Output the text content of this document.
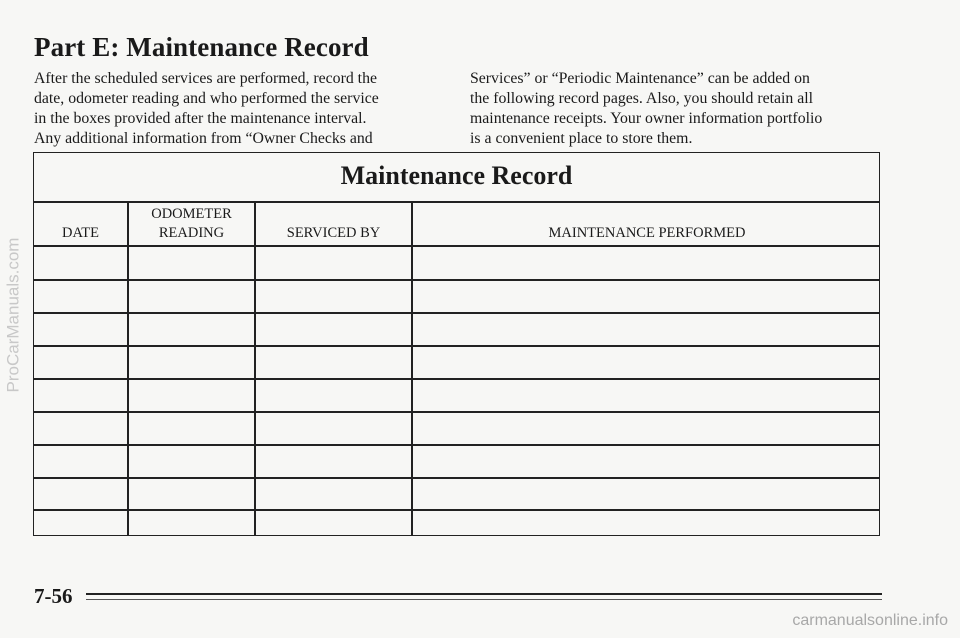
Part E: Maintenance Record

After the scheduled services are performed, record the

date, odometer reading and who performed the service

in the boxes provided after the maintenance interval.

Any additional information from “Owner Checks and

Services” or “Periodic Maintenance” can be added on

the following record pages. Also, you should retain all

maintenance receipts. Your owner information portfolio

is a convenient place to store them.

Maintenance Record
DATE
ODOMETER
READING	SERVICED BY	MAINTENANCE PERFORMED
7-56
ProCarManuals.com
carmanualsonline.info
